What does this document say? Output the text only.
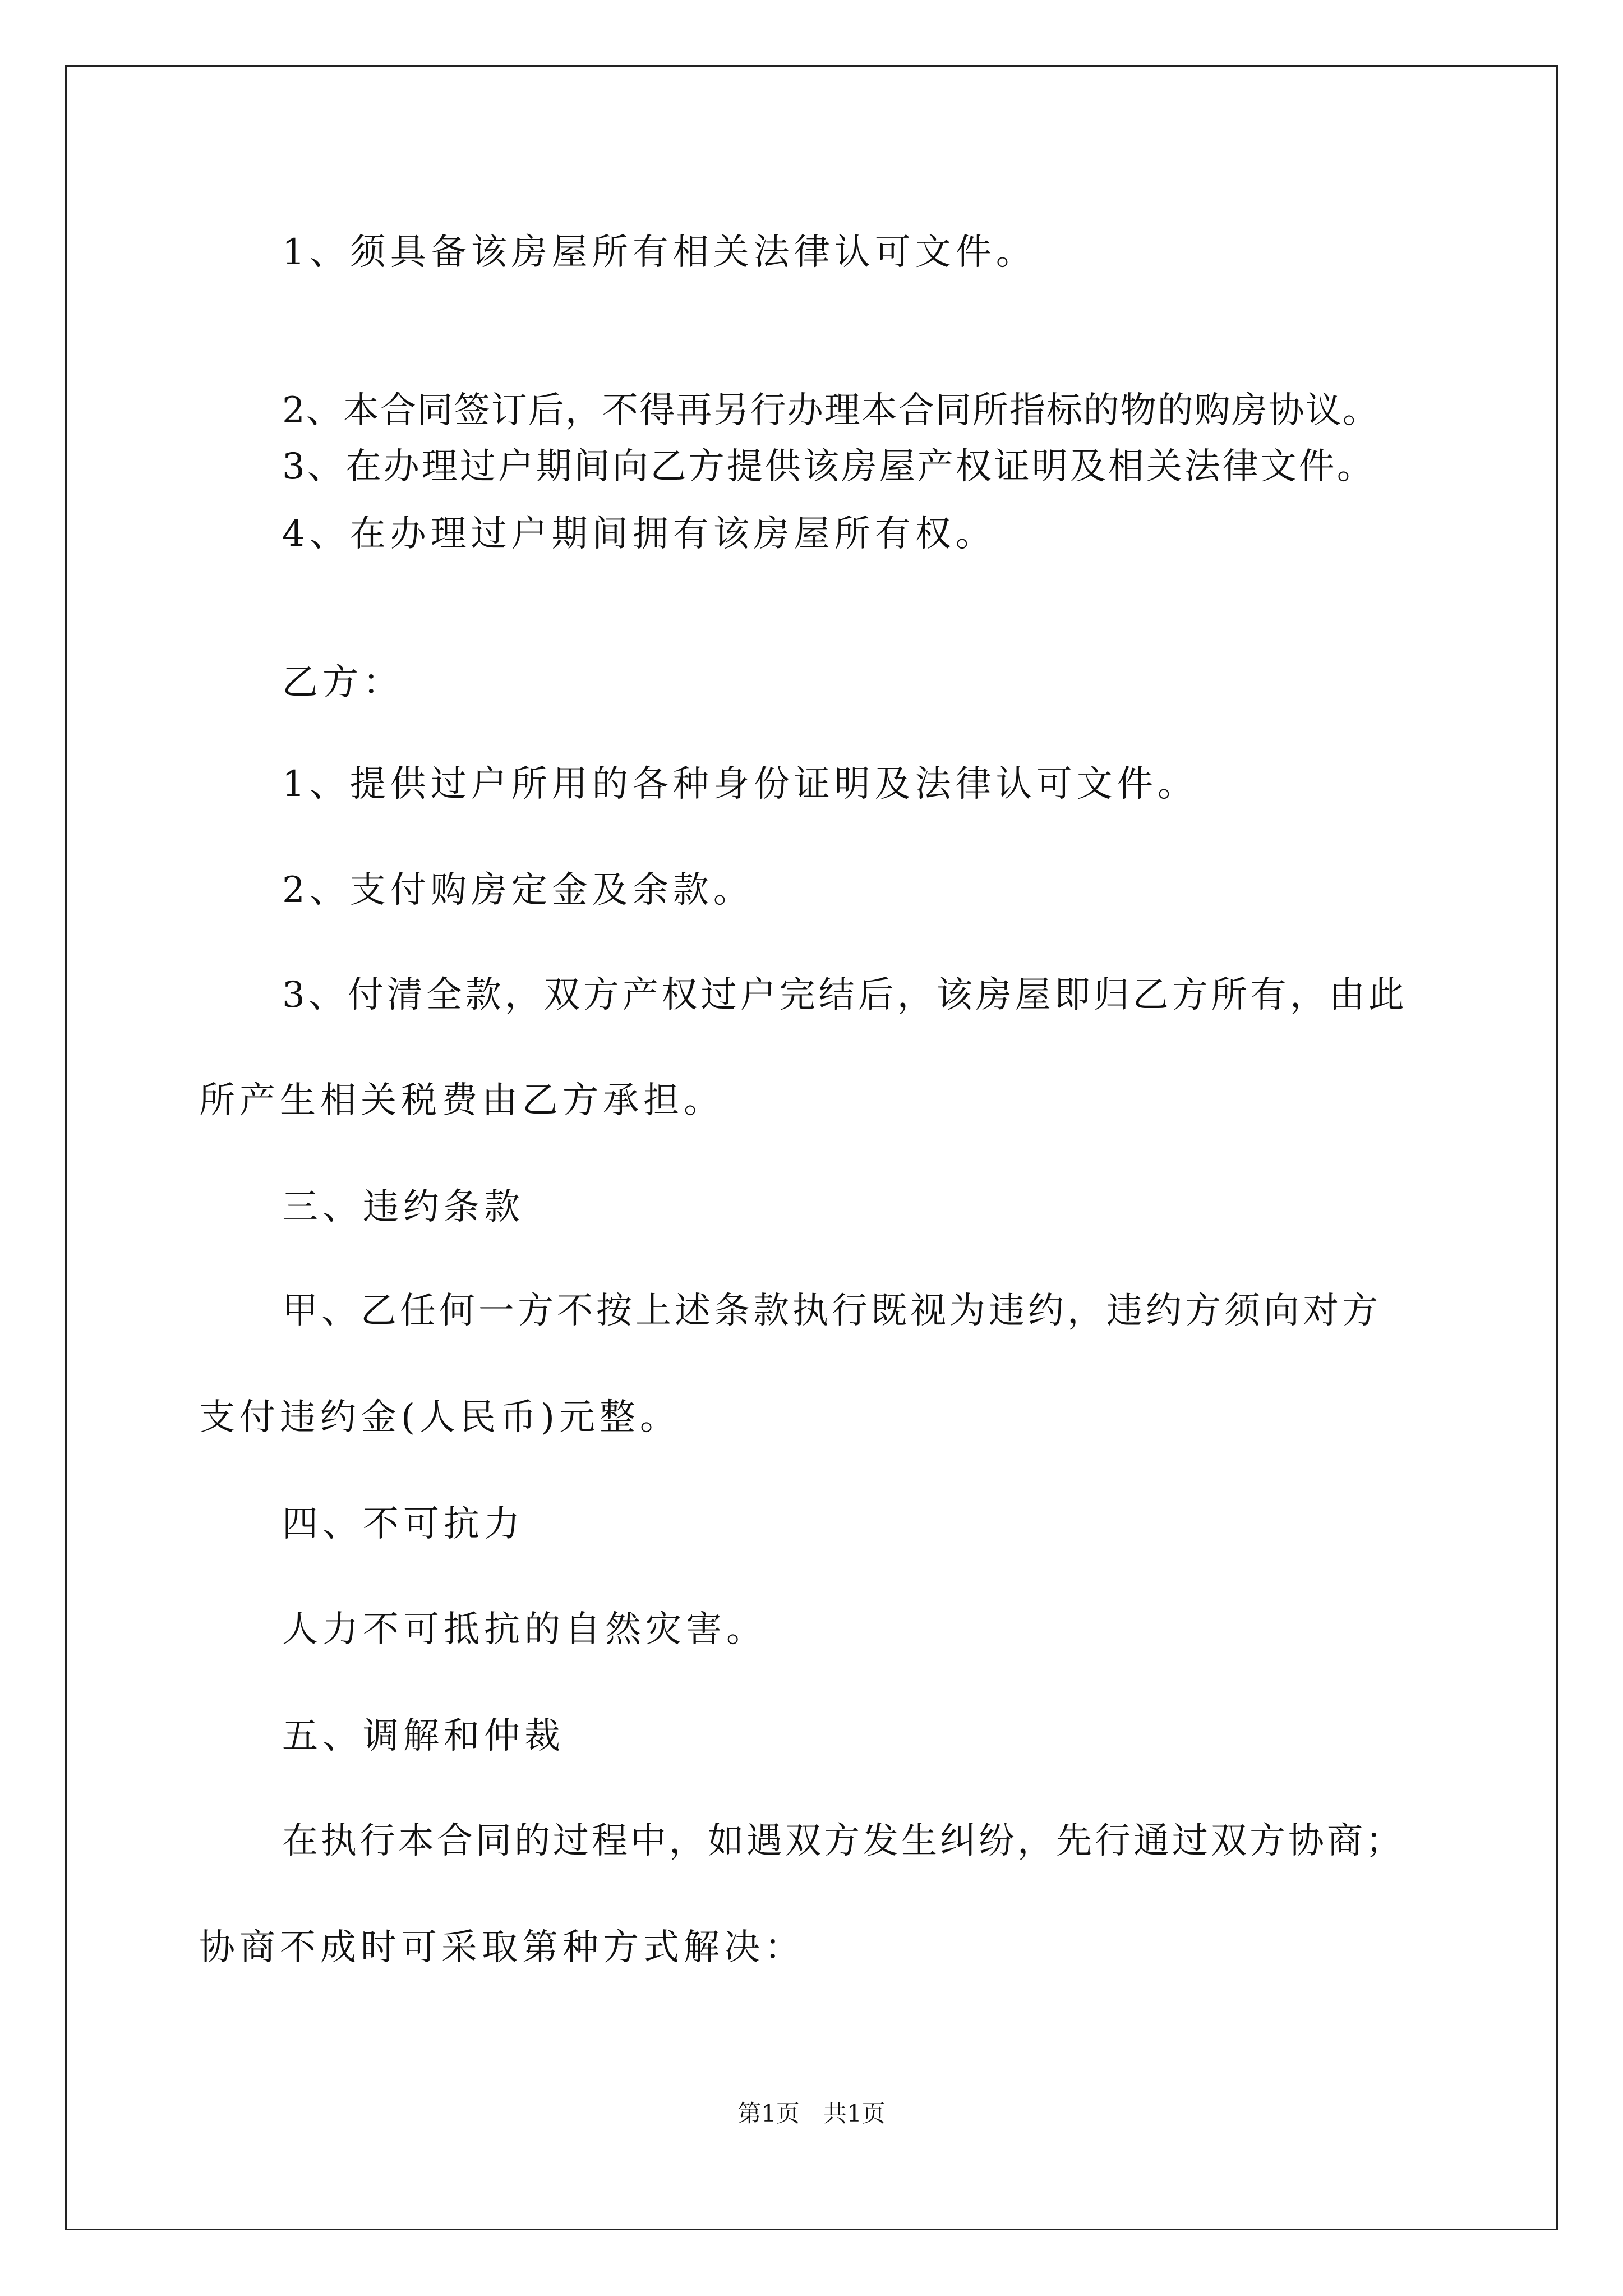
1、须具备该房屋所有相关法律认可文件。
2、本合同签订后，不得再另行办理本合同所指标的物的购房协议。
3、在办理过户期间向乙方提供该房屋产权证明及相关法律文件。
4、在办理过户期间拥有该房屋所有权。
乙方：
1、提供过户所用的各种身份证明及法律认可文件。
2、支付购房定金及余款。
3、付清全款，双方产权过户完结后，该房屋即归乙方所有，由此
所产生相关税费由乙方承担。
三、违约条款
甲、乙任何一方不按上述条款执行既视为违约，违约方须向对方
支付违约金(人民币)元整。
四、不可抗力
人力不可抵抗的自然灾害。
五、调解和仲裁
在执行本合同的过程中，如遇双方发生纠纷，先行通过双方协商；
协商不成时可采取第种方式解决：
第1页　共1页
